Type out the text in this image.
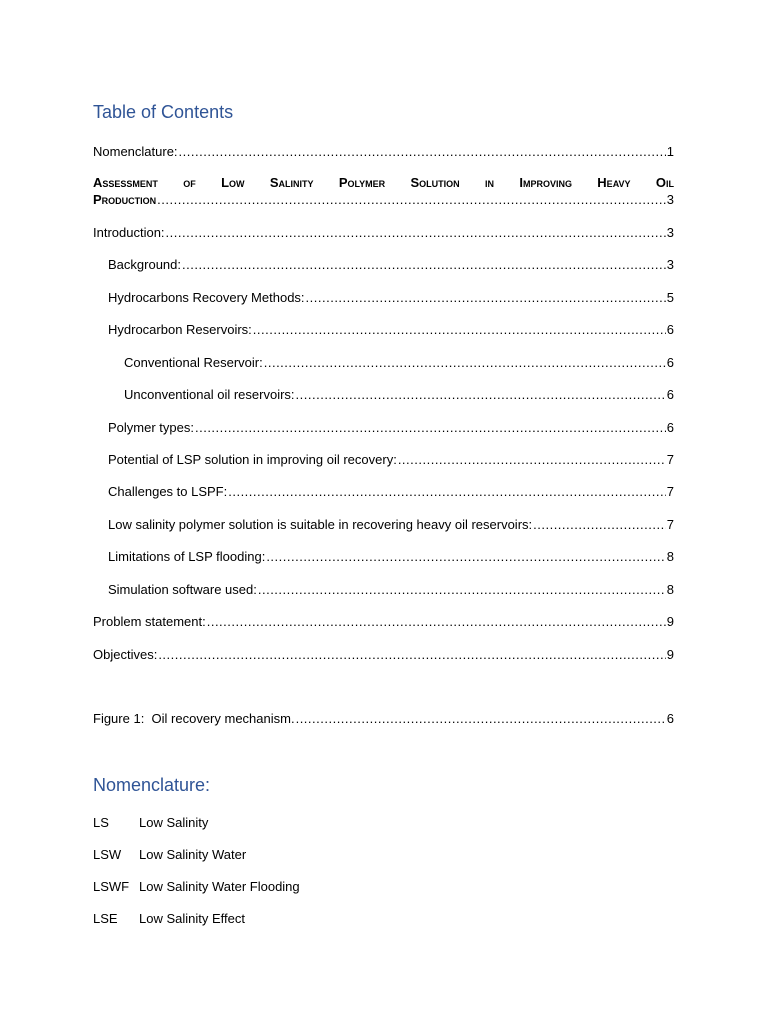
Table of Contents
Nomenclature: .....	1
Assessment of Low Salinity Polymer Solution in Improving Heavy Oil
Production .....	3
Introduction: .....	3
Background: .....	3
Hydrocarbons Recovery Methods: .....	5
Hydrocarbon Reservoirs: .....	6
Conventional Reservoir: .....	6
Unconventional oil reservoirs: .....	6
Polymer types: .....	6
Potential of LSP solution in improving oil recovery: .....	7
Challenges to LSPF: .....	7
Low salinity polymer solution is suitable in recovering heavy oil reservoirs: .....	7
Limitations of LSP flooding: .....	8
Simulation software used: .....	8
Problem statement: .....	9
Objectives: .....	9
Figure 1:  Oil recovery mechanism. .....	6
Nomenclature:
LS Low Salinity
LSW Low Salinity Water
LSWF Low Salinity Water Flooding
LSE Low Salinity Effect
